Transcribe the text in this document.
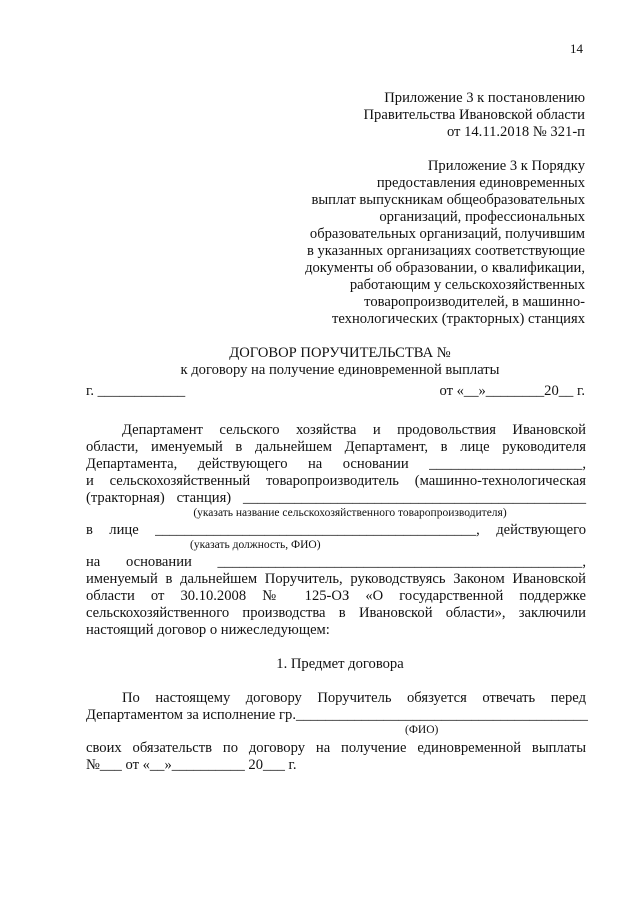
14
Приложение 3 к постановлению
Правительства Ивановской области
от 14.11.2018 № 321-п
Приложение 3 к Порядку
предоставления единовременных
выплат выпускникам общеобразовательных
организаций, профессиональных
образовательных организаций, получившим
в указанных организациях соответствующие
документы об образовании, о квалификации,
работающим у сельскохозяйственных
товаропроизводителей, в машинно-
технологических (тракторных) станциях
ДОГОВОР ПОРУЧИТЕЛЬСТВА №
к договору на получение единовременной выплаты
г. ____________	от «__»________20__ г.
Департамент сельского хозяйства и продовольствия Ивановской
области, именуемый в дальнейшем Департамент, в лице руководителя
Департамента, действующего на основании _____________________,
и сельскохозяйственный товаропроизводитель (машинно-технологическая
(тракторная) станция) _______________________________________________
(указать название сельскохозяйственного товаропроизводителя)
в лице ____________________________________________, действующего
(указать должность, ФИО)
на основании __________________________________________________,
именуемый в дальнейшем Поручитель, руководствуясь Законом Ивановской
области от 30.10.2008 № 125-ОЗ «О государственной поддержке
сельскохозяйственного производства в Ивановской области», заключили
настоящий договор о нижеследующем:
1. Предмет договора
По настоящему договору Поручитель обязуется отвечать перед
Департаментом за исполнение гр.________________________________________
(ФИО)
своих обязательств по договору на получение единовременной выплаты
№___ от «__»__________ 20___ г.
